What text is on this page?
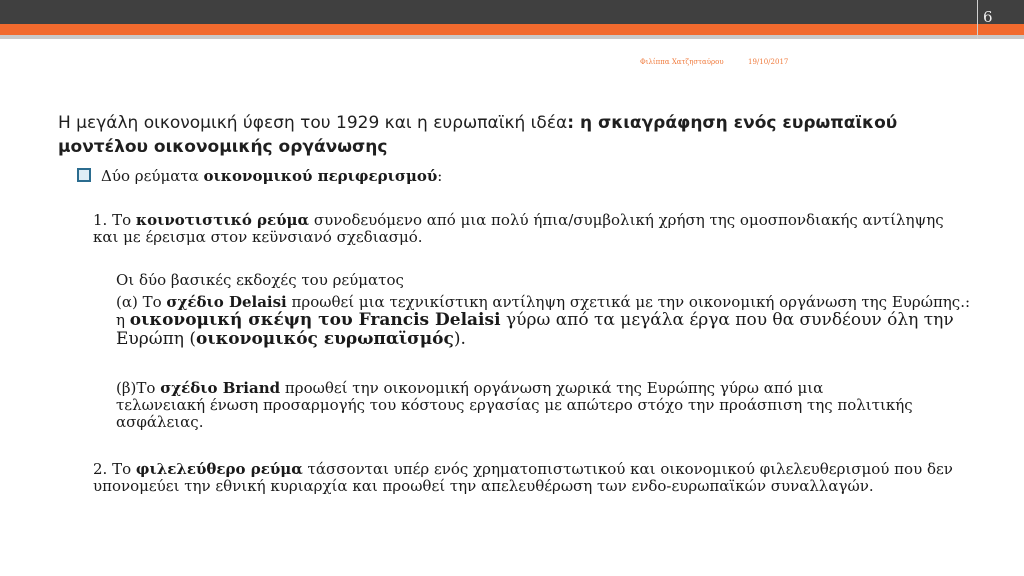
6
Φιλίππα Χατζησταύρου	19/10/2017
Η μεγάλη οικονομική ύφεση του 1929 και η ευρωπαϊκή ιδέα: η σκιαγράφηση ενός ευρωπαϊκού μοντέλου οικονομικής οργάνωσης
Δύο ρεύματα οικονομικού περιφερισμού:
1. Το κοινοτιστικό ρεύμα συνοδευόμενο από μια πολύ ήπια/συμβολική χρήση της ομοσπονδιακής αντίληψης και με έρεισμα στον κεϋνσιανό σχεδιασμό.
Οι δύο βασικές εκδοχές του ρεύματος
(α) Το σχέδιο Delaisi προωθεί μια τεχνικίστικη αντίληψη σχετικά με την οικονομική οργάνωση της Ευρώπης.: η οικονομική σκέψη του Francis Delaisi γύρω από τα μεγάλα έργα που θα συνδέουν όλη την Ευρώπη (οικονομικός ευρωπαϊσμός).
(β)Το σχέδιο Briand προωθεί την οικονομική οργάνωση χωρικά της Ευρώπης γύρω από μια τελωνειακή ένωση προσαρμογής του κόστους εργασίας με απώτερο στόχο την προάσπιση της πολιτικής ασφάλειας.
2. Το φιλελεύθερο ρεύμα τάσσονται υπέρ ενός χρηματοπιστωτικού και οικονομικού φιλελευθερισμού που δεν υπονομεύει την εθνική κυριαρχία και προωθεί την απελευθέρωση των ενδο-ευρωπαϊκών συναλλαγών.
